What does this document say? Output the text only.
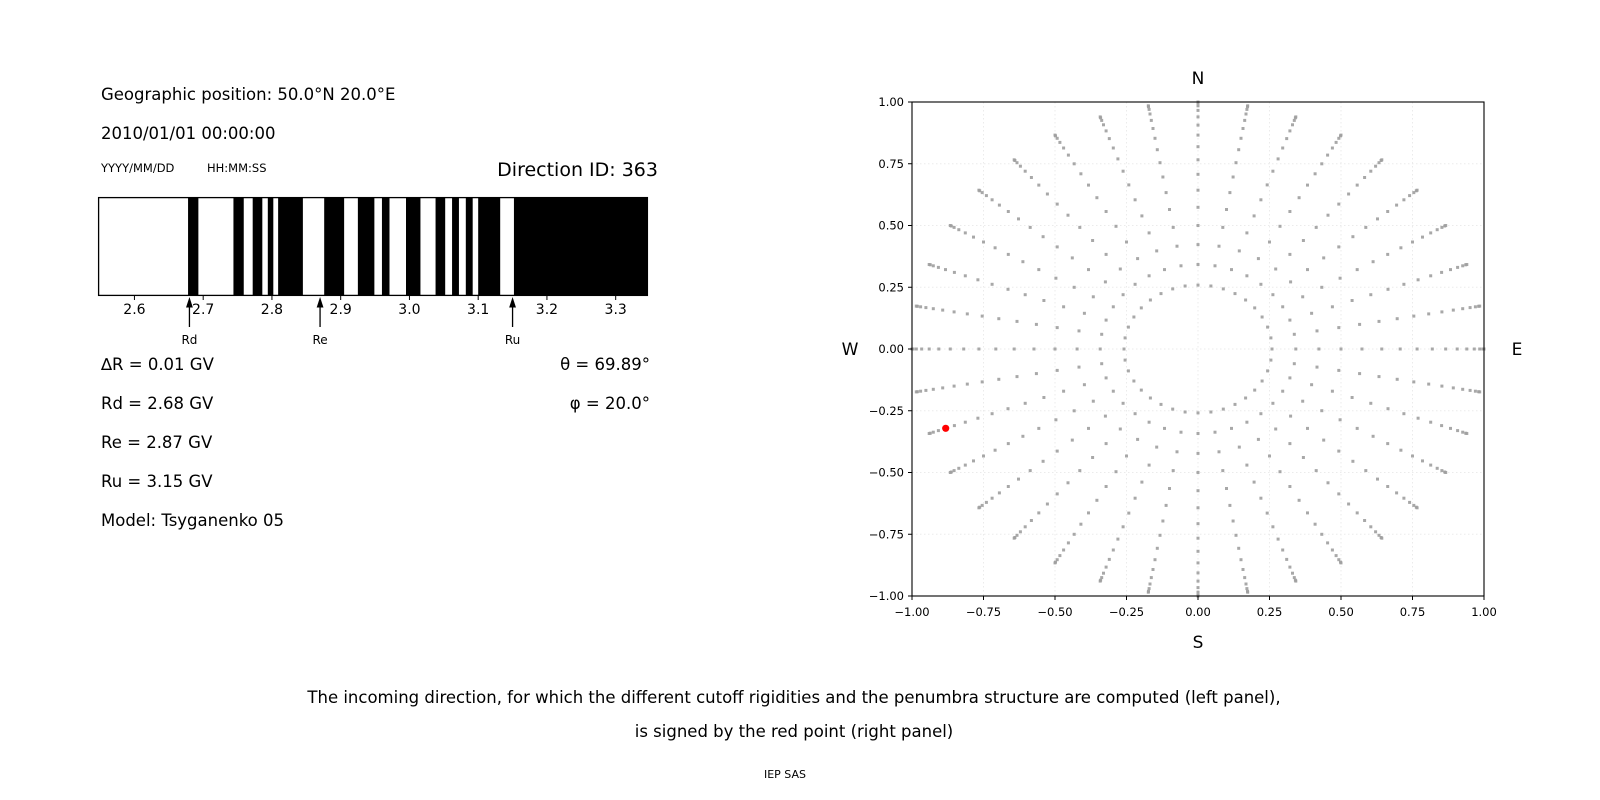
Geographic position: 50.0°N 20.0°E
2010/01/01 00:00:00
YYYY/MM/DD	HH:MM:SS	Direction ID: 363
∆R = 0.01 GV
Rd = 2.68 GV
Re = 2.87 GV
Ru = 3.15 GV
Model: Tsyganenko 05
θ = 69.89°
φ = 20.0°
2.6	2.7	2.8	2.9	3.0	3.1	3.2	3.3
Rd	Re	Ru
−1.00	−0.75	−0.50	−0.25	0.00	0.25	0.50	0.75	1.00
1.00
0.75
0.50
0.25
0.00
−0.25
−0.50
−0.75
−1.00
N
S
W	E
The incoming direction, for which the different cutoff rigidities and the penumbra structure are computed (left panel),
is signed by the red point (right panel)
IEP SAS
